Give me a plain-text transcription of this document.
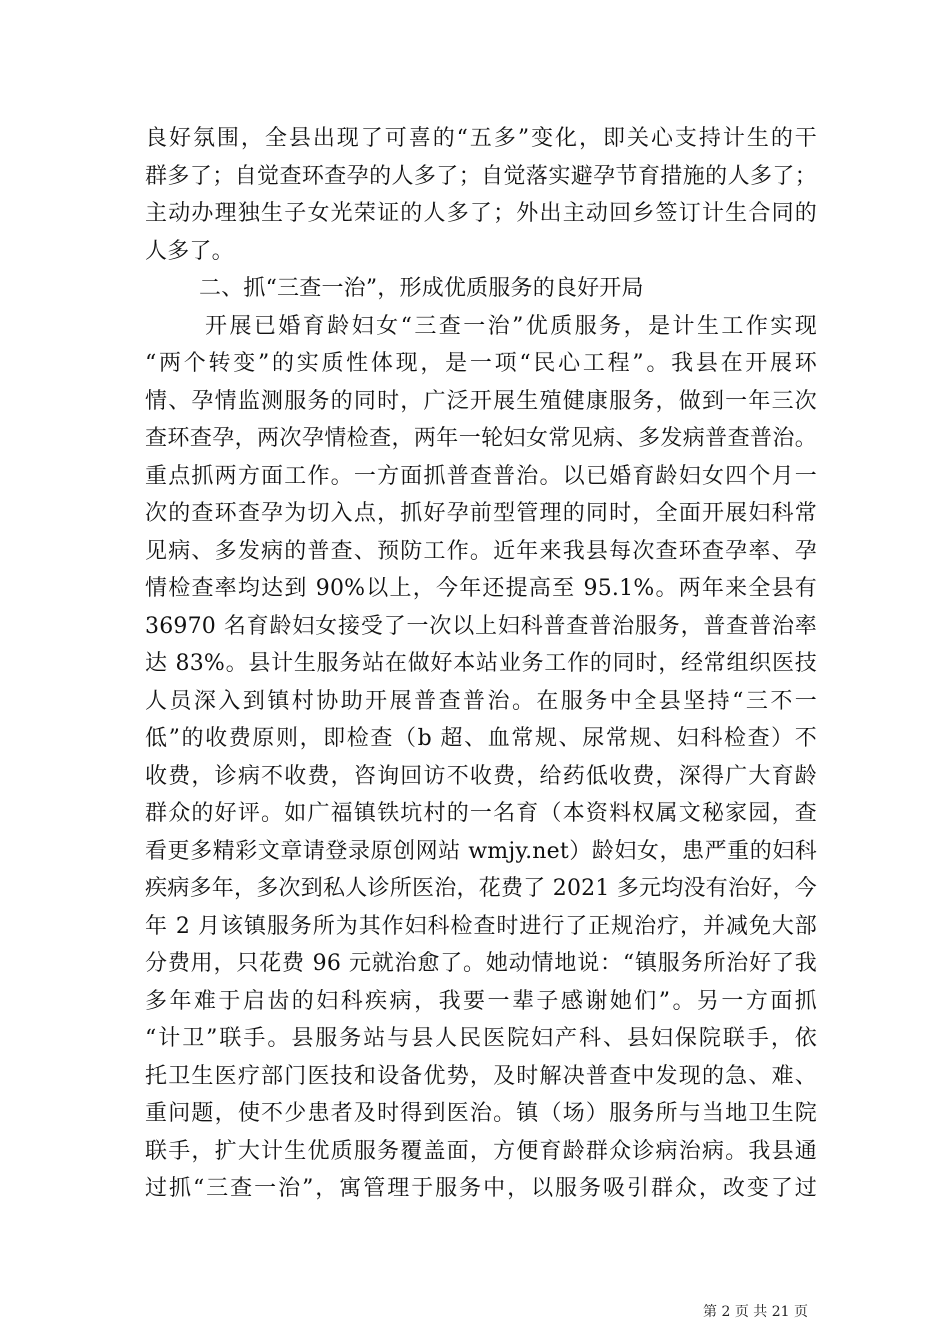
良好氛围，全县出现了可喜的“五多”变化，即关心支持计生的干
群多了；自觉查环查孕的人多了；自觉落实避孕节育措施的人多了；
主动办理独生子女光荣证的人多了；外出主动回乡签订计生合同的
人多了。
二、抓“三查一治”，形成优质服务的良好开局
开展已婚育龄妇女“三查一治”优质服务，是计生工作实现
“两个转变”的实质性体现，是一项“民心工程”。我县在开展环
情、孕情监测服务的同时，广泛开展生殖健康服务，做到一年三次
查环查孕，两次孕情检查，两年一轮妇女常见病、多发病普查普治。
重点抓两方面工作。一方面抓普查普治。以已婚育龄妇女四个月一
次的查环查孕为切入点，抓好孕前型管理的同时，全面开展妇科常
见病、多发病的普查、预防工作。近年来我县每次查环查孕率、孕
情检查率均达到 90%以上，今年还提高至 95.1%。两年来全县有
36970 名育龄妇女接受了一次以上妇科普查普治服务，普查普治率
达 83%。县计生服务站在做好本站业务工作的同时，经常组织医技
人员深入到镇村协助开展普查普治。在服务中全县坚持“三不一
低”的收费原则，即检查（b 超、血常规、尿常规、妇科检查）不
收费，诊病不收费，咨询回访不收费，给药低收费，深得广大育龄
群众的好评。如广福镇铁坑村的一名育（本资料权属文秘家园，查
看更多精彩文章请登录原创网站 wmjy.net）龄妇女，患严重的妇科
疾病多年，多次到私人诊所医治，花费了 2021 多元均没有治好，今
年 2 月该镇服务所为其作妇科检查时进行了正规治疗，并减免大部
分费用，只花费 96 元就治愈了。她动情地说：“镇服务所治好了我
多年难于启齿的妇科疾病，我要一辈子感谢她们”。另一方面抓
“计卫”联手。县服务站与县人民医院妇产科、县妇保院联手，依
托卫生医疗部门医技和设备优势，及时解决普查中发现的急、难、
重问题，使不少患者及时得到医治。镇（场）服务所与当地卫生院
联手，扩大计生优质服务覆盖面，方便育龄群众诊病治病。我县通
过抓“三查一治”，寓管理于服务中，以服务吸引群众，改变了过
第 2 页 共 21 页
